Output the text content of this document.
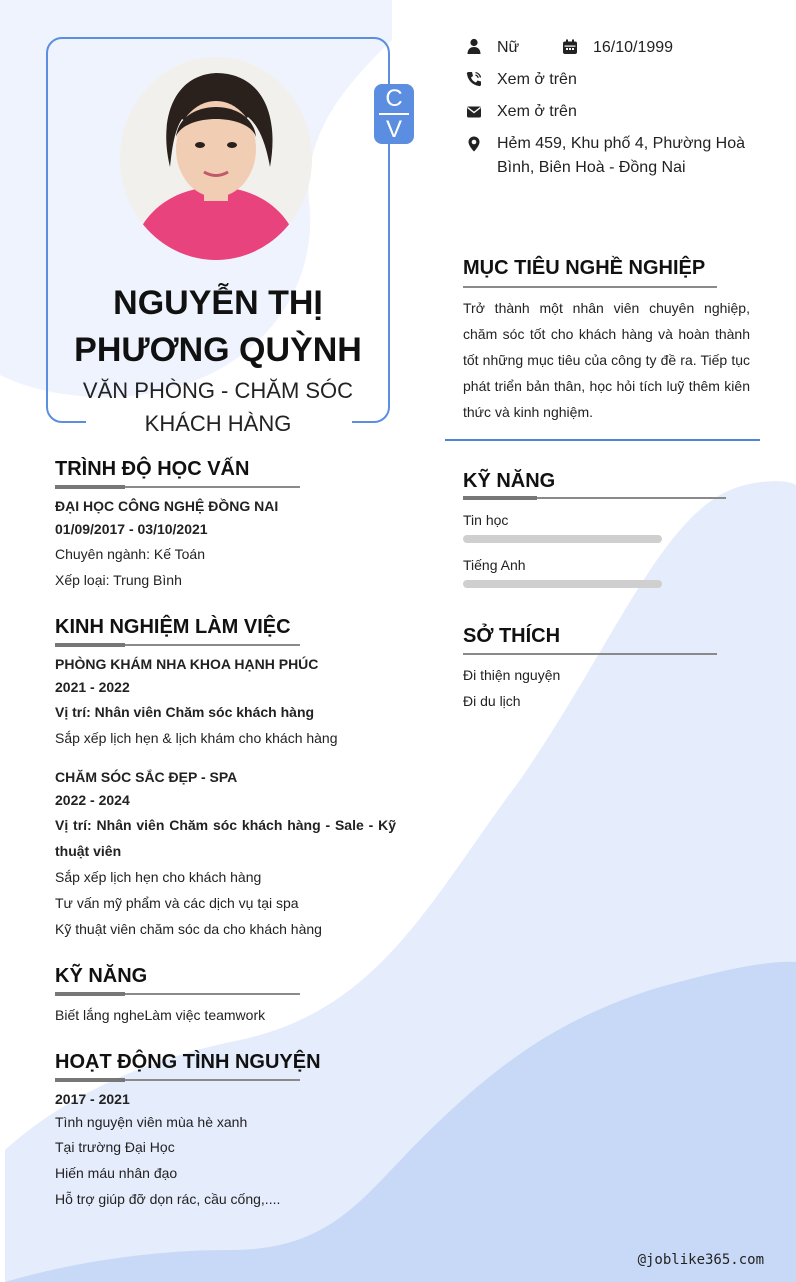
C
V
NGUYỄN THỊ
PHƯƠNG QUỲNH
VĂN PHÒNG - CHĂM SÓC
KHÁCH HÀNG
Nữ	16/10/1999
Xem ở trên
Xem ở trên
Hẻm 459, Khu phố 4, Phường Hoà
Bình, Biên Hoà - Đồng Nai
MỤC TIÊU NGHỀ NGHIỆP
Trở thành một nhân viên chuyên nghiệp, chăm sóc tốt cho khách hàng và hoàn thành tốt những mục tiêu của công ty đề ra. Tiếp tục phát triển bản thân, học hỏi tích luỹ thêm kiên thức và kinh nghiệm.
KỸ NĂNG
Tin học
Tiếng Anh
SỞ THÍCH
Đi thiện nguyện
Đi du lịch
TRÌNH ĐỘ HỌC VẤN
ĐẠI HỌC CÔNG NGHỆ ĐỒNG NAI
01/09/2017 - 03/10/2021
Chuyên ngành: Kế Toán
Xếp loại: Trung Bình
KINH NGHIỆM LÀM VIỆC
PHÒNG KHÁM NHA KHOA HẠNH PHÚC
2021 - 2022
Vị trí: Nhân viên Chăm sóc khách hàng
Sắp xếp lịch hẹn & lịch khám cho khách hàng
CHĂM SÓC SẮC ĐẸP - SPA
2022 - 2024
Vị trí: Nhân viên Chăm sóc khách hàng - Sale - Kỹ thuật viên
Sắp xếp lịch hẹn cho khách hàng
Tư vấn mỹ phẩm và các dịch vụ tại spa
Kỹ thuật viên chăm sóc da cho khách hàng
KỸ NĂNG
Biết lắng ngheLàm việc teamwork
HOẠT ĐỘNG TÌNH NGUYỆN
2017 - 2021
Tình nguyện viên mùa hè xanh
Tại trường Đại Học
Hiến máu nhân đạo
Hỗ trợ giúp đỡ dọn rác, cầu cống,....
@joblike365.com
